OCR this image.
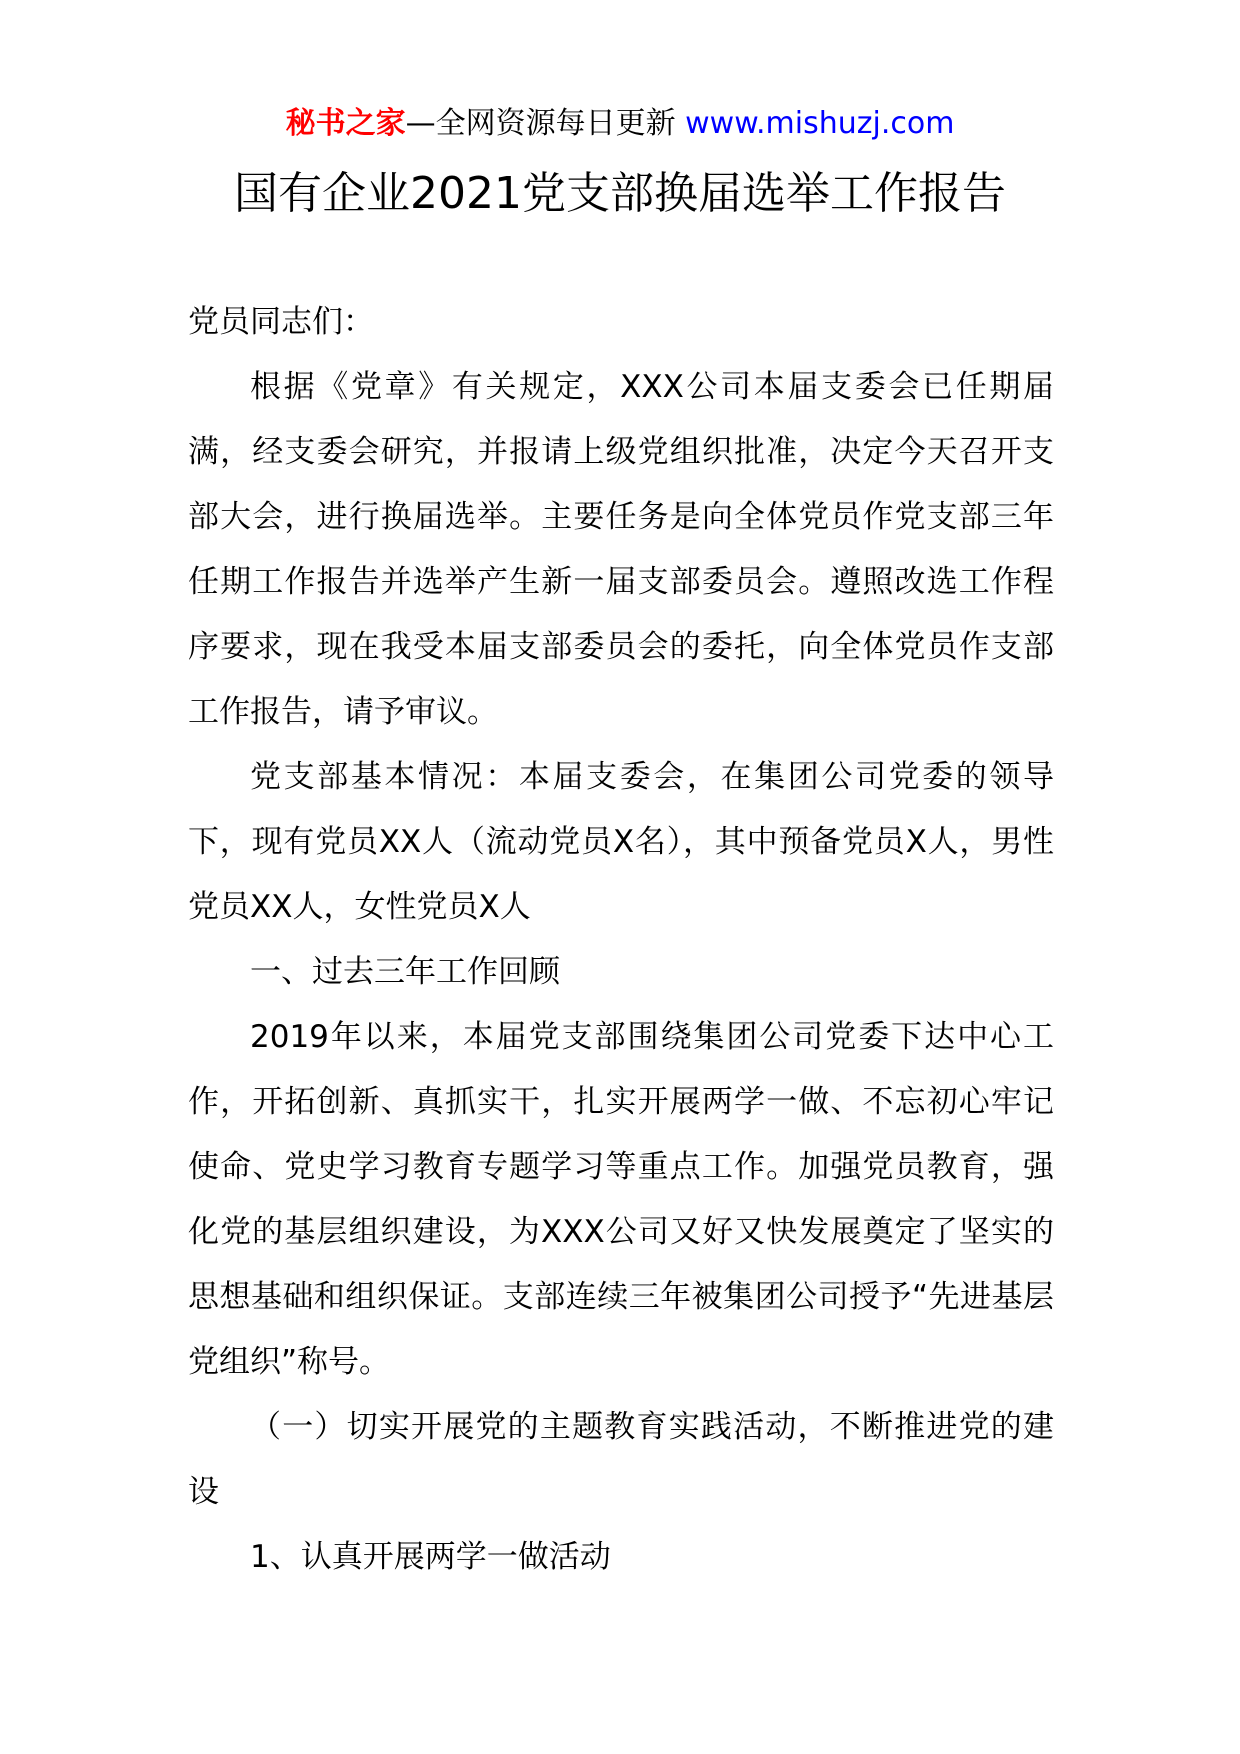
秘书之家—全网资源每日更新 www.mishuzj.com
国有企业2021党支部换届选举工作报告

党员同志们：

根据《党章》有关规定，XXX公司本届支委会已任期届满，经支委会研究，并报请上级党组织批准，决定今天召开支部大会，进行换届选举。主要任务是向全体党员作党支部三年任期工作报告并选举产生新一届支部委员会。遵照改选工作程序要求，现在我受本届支部委员会的委托，向全体党员作支部工作报告，请予审议。

党支部基本情况：本届支委会，在集团公司党委的领导下，现有党员XX人（流动党员X名），其中预备党员X人，男性党员XX人，女性党员X人

一、过去三年工作回顾

2019年以来，本届党支部围绕集团公司党委下达中心工作，开拓创新、真抓实干，扎实开展两学一做、不忘初心牢记使命、党史学习教育专题学习等重点工作。加强党员教育，强化党的基层组织建设，为XXX公司又好又快发展奠定了坚实的思想基础和组织保证。支部连续三年被集团公司授予“先进基层党组织”称号。

（一）切实开展党的主题教育实践活动，不断推进党的建设

1、认真开展两学一做活动
